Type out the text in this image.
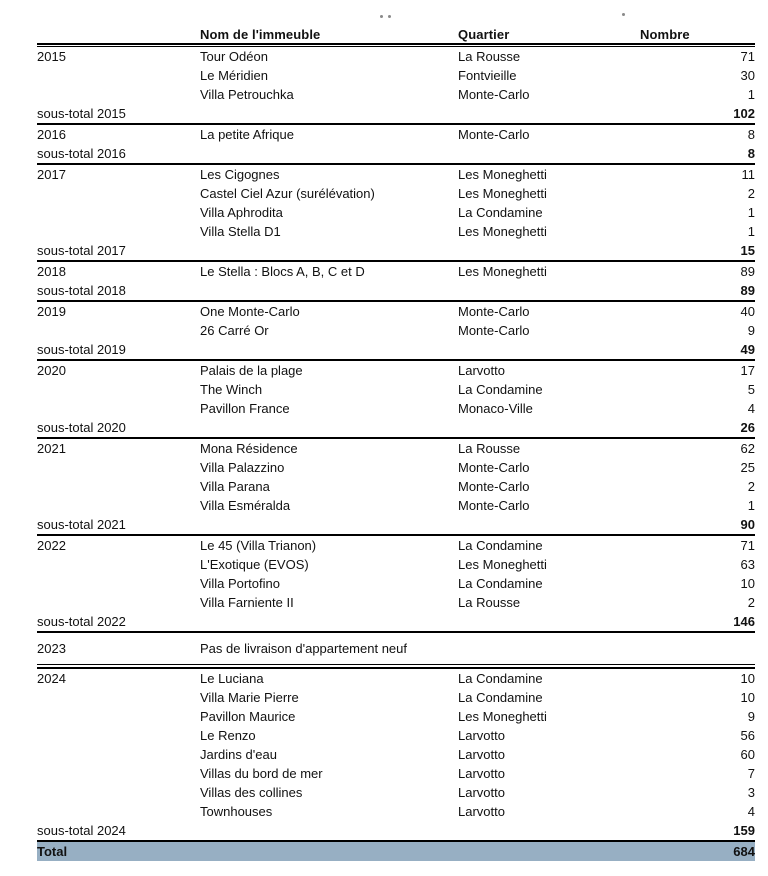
Nom de l'immeuble	Quartier	Nombre
2015	Tour Odéon	La Rousse	71
Le Méridien	Fontvieille	30
Villa Petrouchka	Monte-Carlo	1
sous-total 2015	102
2016	La petite Afrique	Monte-Carlo	8
sous-total 2016	8
2017	Les Cigognes	Les Moneghetti	11
Castel Ciel Azur (surélévation)	Les Moneghetti	2
Villa Aphrodita	La Condamine	1
Villa Stella D1	Les Moneghetti	1
sous-total 2017	15
2018	Le Stella : Blocs A, B, C et D	Les Moneghetti	89
sous-total 2018	89
2019	One Monte-Carlo	Monte-Carlo	40
26 Carré Or	Monte-Carlo	9
sous-total 2019	49
2020	Palais de la plage	Larvotto	17
The Winch	La Condamine	5
Pavillon France	Monaco-Ville	4
sous-total 2020	26
2021	Mona Résidence	La Rousse	62
Villa Palazzino	Monte-Carlo	25
Villa Parana	Monte-Carlo	2
Villa Esméralda	Monte-Carlo	1
sous-total 2021	90
2022	Le 45 (Villa Trianon)	La Condamine	71
L'Exotique (EVOS)	Les Moneghetti	63
Villa Portofino	La Condamine	10
Villa Farniente II	La Rousse	2
sous-total 2022	146
2023	Pas de livraison d'appartement neuf
2024	Le Luciana	La Condamine	10
Villa Marie Pierre	La Condamine	10
Pavillon Maurice	Les Moneghetti	9
Le Renzo	Larvotto	56
Jardins d'eau	Larvotto	60
Villas du bord de mer	Larvotto	7
Villas des collines	Larvotto	3
Townhouses	Larvotto	4
sous-total 2024	159
Total	684
